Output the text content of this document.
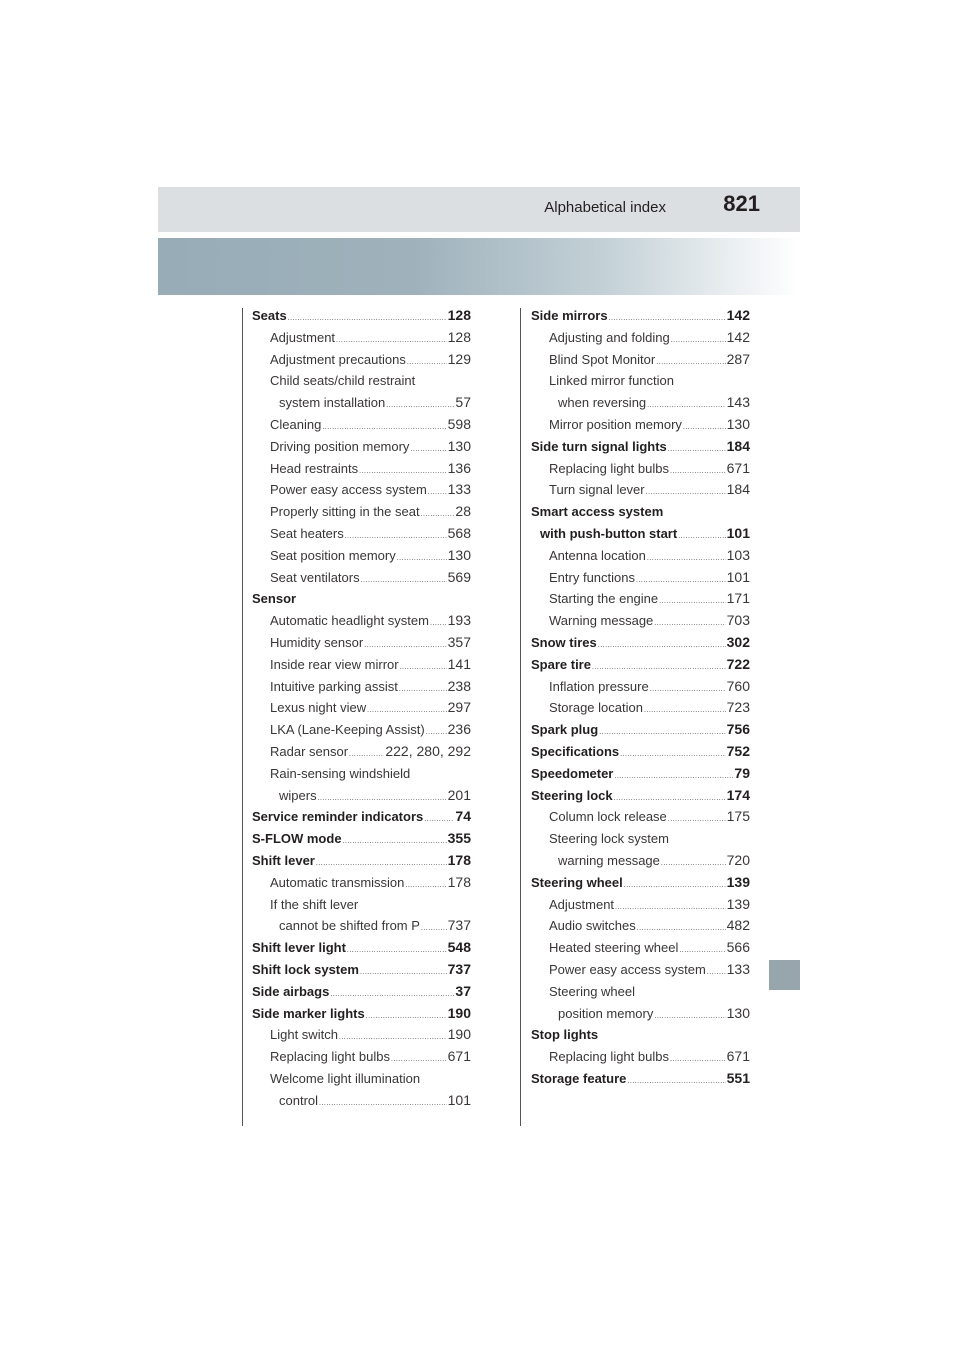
Alphabetical index	821
Seats .....	128
Adjustment .....	128
Adjustment precautions .....	129
Child seats/child restraint
system installation .....	57
Cleaning .....	598
Driving position memory .....	130
Head restraints .....	136
Power easy access system ..... 133
Properly sitting in the seat .....	28
Seat heaters .....	568
Seat position memory .....	130
Seat ventilators .....	569
Sensor
Automatic headlight system ..... 193
Humidity sensor .....	357
Inside rear view mirror .....	141
Intuitive parking assist .....	238
Lexus night view .....	297
LKA (Lane-Keeping Assist) ..... 236
Radar sensor .....	222, 280, 292
Rain-sensing windshield
wipers .....	201
Service reminder indicators ..... 74
S-FLOW mode .....	355
Shift lever .....	178
Automatic transmission .....	178
If the shift lever
cannot be shifted from P ..... 737
Shift lever light .....	548
Shift lock system .....	737
Side airbags .....	37
Side marker lights .....	190
Light switch .....	190
Replacing light bulbs .....	671
Welcome light illumination
control .....	101
Side mirrors .....	142
Adjusting and folding .....	142
Blind Spot Monitor .....	287
Linked mirror function
when reversing .....	143
Mirror position memory .....	130
Side turn signal lights .....	184
Replacing light bulbs .....	671
Turn signal lever .....	184
Smart access system
with push-button start .....	101
Antenna location .....	103
Entry functions .....	101
Starting the engine .....	171
Warning message .....	703
Snow tires .....	302
Spare tire .....	722
Inflation pressure .....	760
Storage location .....	723
Spark plug .....	756
Specifications .....	752
Speedometer .....	79
Steering lock .....	174
Column lock release .....	175
Steering lock system
warning message .....	720
Steering wheel .....	139
Adjustment .....	139
Audio switches .....	482
Heated steering wheel .....	566
Power easy access system ..... 133
Steering wheel
position memory .....	130
Stop lights
Replacing light bulbs .....	671
Storage feature .....	551
